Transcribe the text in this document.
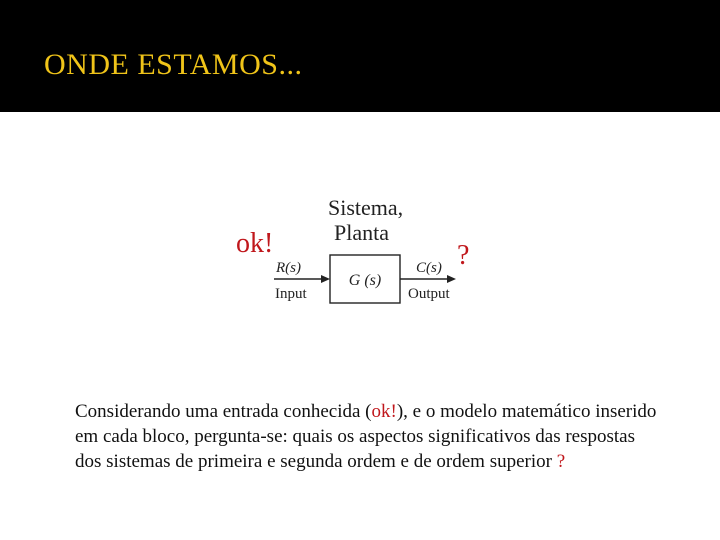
ONDE ESTAMOS...
Sistema,
Planta
ok!	?
R(s)
Input
G (s)
C(s)
Output
Considerando uma entrada conhecida (ok!), e o modelo matemático inserido em cada bloco, pergunta-se: quais os aspectos significativos das respostas dos sistemas de primeira e segunda ordem e de ordem superior ?
